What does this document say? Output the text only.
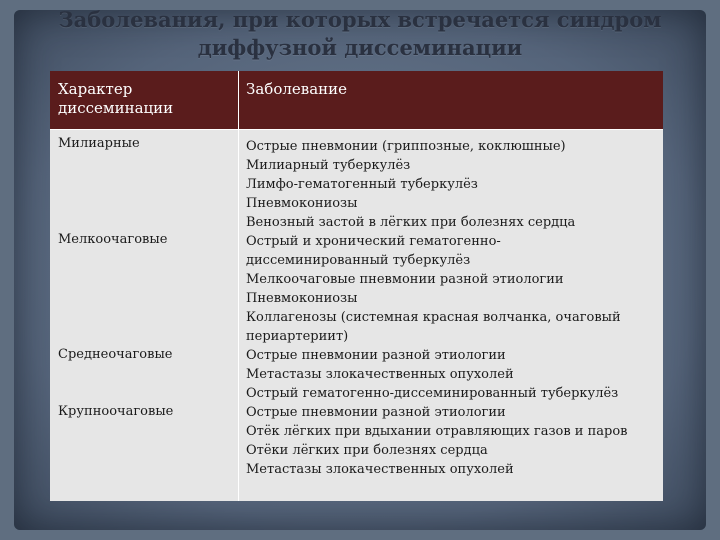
Заболевания, при которых встречается синдром диффузной диссеминации
Характер диссеминации
Заболевание
Милиарные
Мелкоочаговые
Среднеочаговые
Крупноочаговые
Острые пневмонии (гриппозные, коклюшные)
Милиарный туберкулёз
Лимфо-гематогенный туберкулёз
Пневмокониозы
Венозный застой в лёгких при болезнях сердца
Острый и хронический гематогенно-
диссеминированный туберкулёз
Мелкоочаговые пневмонии разной этиологии
Пневмокониозы
Коллагенозы (системная красная волчанка, очаговый
периартериит)
Острые пневмонии разной этиологии
Метастазы злокачественных опухолей
Острый гематогенно-диссеминированный туберкулёз
Острые пневмонии разной этиологии
Отёк лёгких при вдыхании отравляющих газов и паров
Отёки лёгких при болезнях сердца
Метастазы злокачественных опухолей
